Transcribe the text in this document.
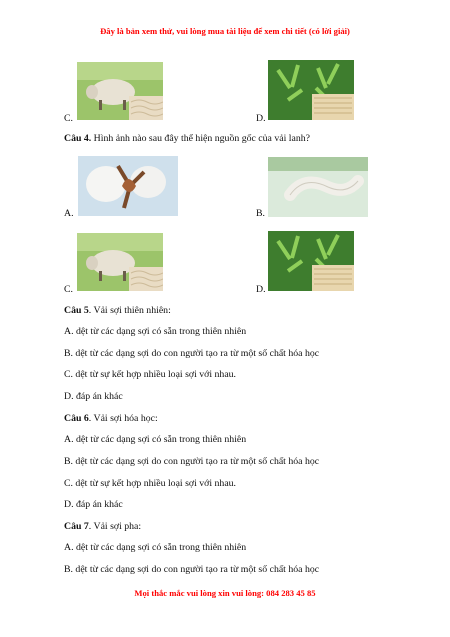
Đây là bản xem thử, vui lòng mua tài liệu để xem chi tiết (có lời giải)
C.	D.
Câu 4. Hình ảnh nào sau đây thể hiện nguồn gốc của vải lanh?
A.	B.
C.	D.
Câu 5. Vải sợi thiên nhiên:
A. dệt từ các dạng sợi có sẵn trong thiên nhiên
B. dệt từ các dạng sợi do con người tạo ra từ một số chất hóa học
C. dệt từ sự kết hợp nhiều loại sợi với nhau.
D. đáp án khác
Câu 6. Vải sợi hóa học:
A. dệt từ các dạng sợi có sẵn trong thiên nhiên
B. dệt từ các dạng sợi do con người tạo ra từ một số chất hóa học
C. dệt từ sự kết hợp nhiều loại sợi với nhau.
D. đáp án khác
Câu 7. Vải sợi pha:
A. dệt từ các dạng sợi có sẵn trong thiên nhiên
B. dệt từ các dạng sợi do con người tạo ra từ một số chất hóa học
Mọi thắc mắc vui lòng xin vui lòng: 084 283 45 85
